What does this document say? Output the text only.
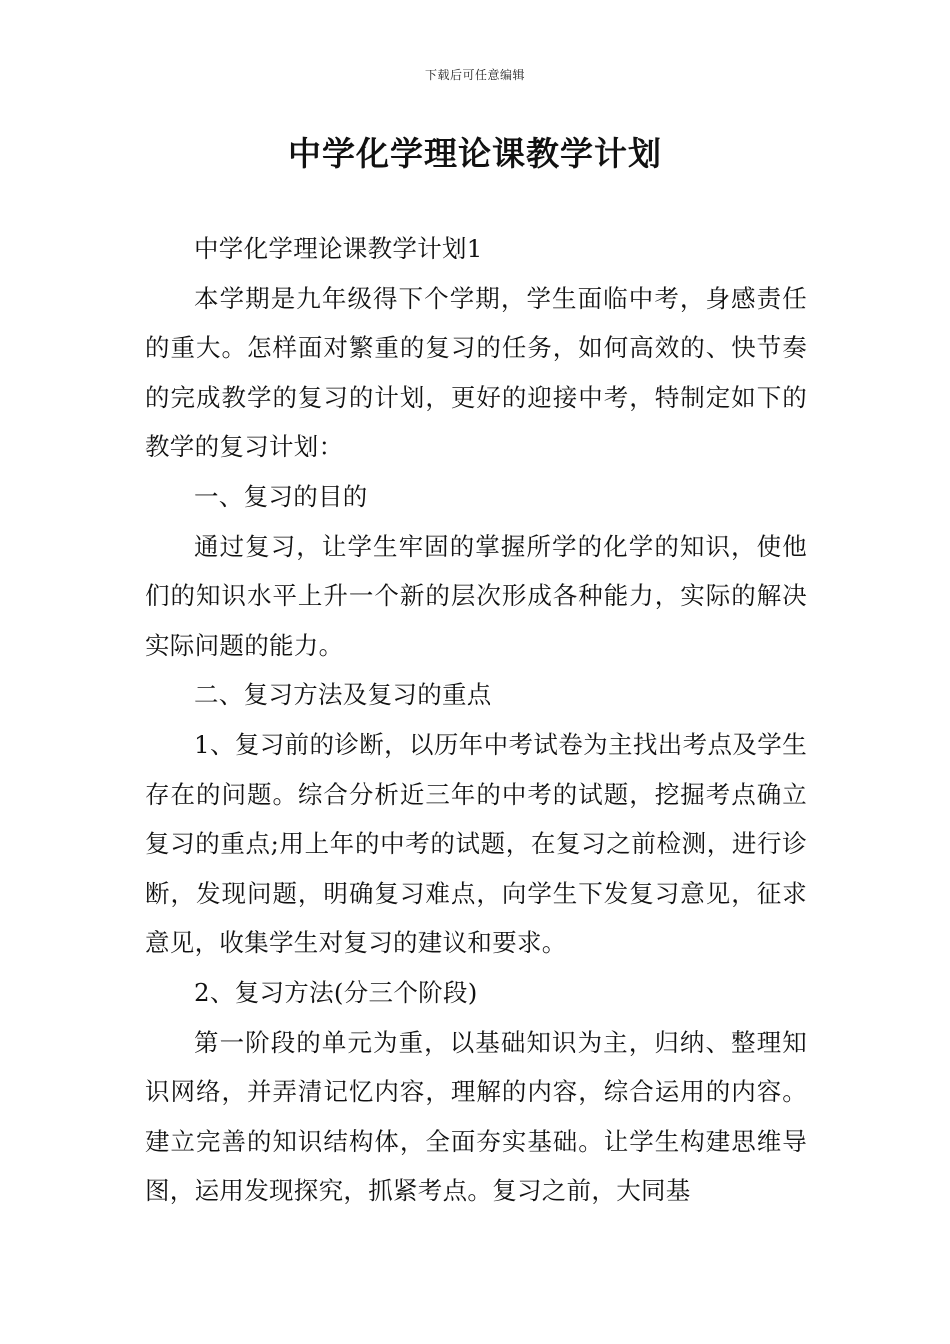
下载后可任意编辑
中学化学理论课教学计划

中学化学理论课教学计划1

本学期是九年级得下个学期，学生面临中考，身感责任的重大。怎样面对繁重的复习的任务，如何高效的、快节奏的完成教学的复习的计划，更好的迎接中考，特制定如下的教学的复习计划：

一、复习的目的

通过复习，让学生牢固的掌握所学的化学的知识，使他们的知识水平上升一个新的层次形成各种能力，实际的解决实际问题的能力。

二、复习方法及复习的重点

1、复习前的诊断，以历年中考试卷为主找出考点及学生存在的问题。综合分析近三年的中考的试题，挖掘考点确立复习的重点;用上年的中考的试题，在复习之前检测，进行诊断，发现问题，明确复习难点，向学生下发复习意见，征求意见，收集学生对复习的建议和要求。

2、复习方法(分三个阶段)

第一阶段的单元为重，以基础知识为主，归纳、整理知识网络，并弄清记忆内容，理解的内容，综合运用的内容。建立完善的知识结构体，全面夯实基础。让学生构建思维导图，运用发现探究，抓紧考点。复习之前，大同基
